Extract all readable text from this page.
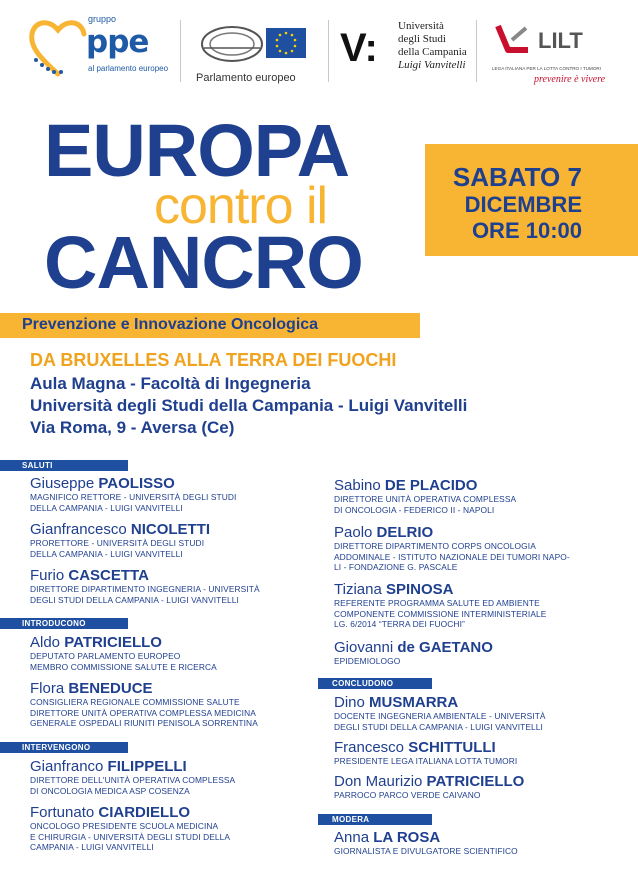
gruppo
ppe
al parlamento europeo
Parlamento europeo
V: Università
degli Studi
della Campania
Luigi Vanvitelli
LILT
LEGA ITALIANA PER LA LOTTA CONTRO I TUMORI
prevenire è vivere
EUROPA
contro il
CANCRO
SABATO 7
DICEMBRE
ORE 10:00
Prevenzione e Innovazione Oncologica
DA BRUXELLES ALLA TERRA DEI FUOCHI
Aula Magna - Facoltà di Ingegneria
Università degli Studi della Campania - Luigi Vanvitelli
Via Roma, 9 - Aversa (Ce)
SALUTI
Giuseppe PAOLISSO
MAGNIFICO RETTORE - UNIVERSITÀ DEGLI STUDI
DELLA CAMPANIA - LUIGI VANVITELLI
Gianfrancesco NICOLETTI
PRORETTORE - UNIVERSITÀ DEGLI STUDI
DELLA CAMPANIA - LUIGI VANVITELLI
Furio CASCETTA
DIRETTORE DIPARTIMENTO INGEGNERIA - UNIVERSITÀ
DEGLI STUDI DELLA CAMPANIA - LUIGI VANVITELLI
INTRODUCONO
Aldo PATRICIELLO
DEPUTATO PARLAMENTO EUROPEO
MEMBRO COMMISSIONE SALUTE E RICERCA
Flora BENEDUCE
CONSIGLIERA REGIONALE COMMISSIONE SALUTE
DIRETTORE UNITÀ OPERATIVA COMPLESSA MEDICINA
GENERALE OSPEDALI RIUNITI PENISOLA SORRENTINA
INTERVENGONO
Gianfranco FILIPPELLI
DIRETTORE DELL'UNITÀ OPERATIVA COMPLESSA
DI ONCOLOGIA MEDICA ASP COSENZA
Fortunato CIARDIELLO
ONCOLOGO PRESIDENTE SCUOLA MEDICINA
E CHIRURGIA - UNIVERSITÀ DEGLI STUDI DELLA
CAMPANIA - LUIGI VANVITELLI
Sabino DE PLACIDO
DIRETTORE UNITÀ OPERATIVA COMPLESSA
DI ONCOLOGIA - FEDERICO II - NAPOLI
Paolo DELRIO
DIRETTORE DIPARTIMENTO CORPS ONCOLOGIA
ADDOMINALE - ISTITUTO NAZIONALE DEI TUMORI NAPO-
LI - FONDAZIONE G. PASCALE
Tiziana SPINOSA
REFERENTE PROGRAMMA SALUTE ED AMBIENTE
COMPONENTE COMMISSIONE INTERMINISTERIALE
LG. 6/2014 “TERRA DEI FUOCHI”
Giovanni de GAETANO
EPIDEMIOLOGO
CONCLUDONO
Dino MUSMARRA
DOCENTE INGEGNERIA AMBIENTALE - UNIVERSITÀ
DEGLI STUDI DELLA CAMPANIA - LUIGI VANVITELLI
Francesco SCHITTULLI
PRESIDENTE LEGA ITALIANA LOTTA TUMORI
Don Maurizio PATRICIELLO
PARROCO PARCO VERDE CAIVANO
MODERA
Anna LA ROSA
GIORNALISTA E DIVULGATORE SCIENTIFICO
